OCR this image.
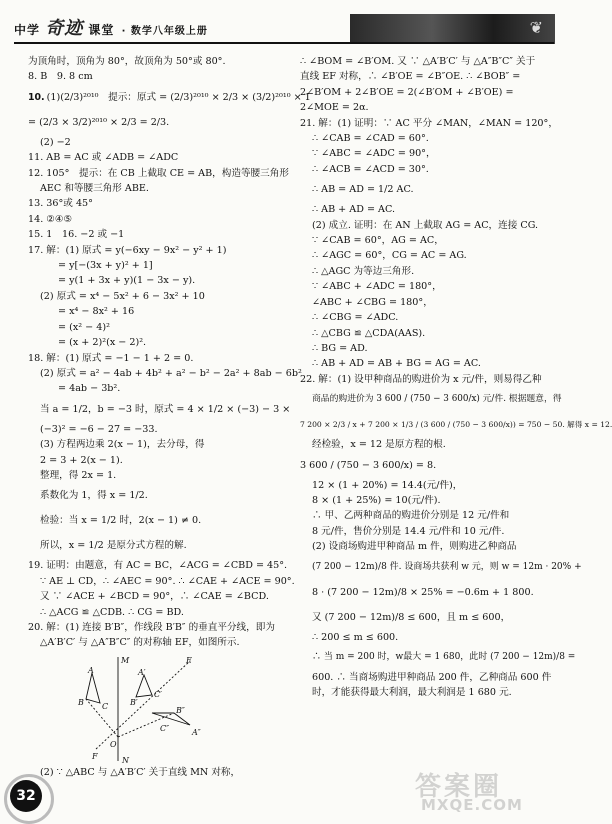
中学 奇迹 课堂 · 数学八年级上册	❦

为顶角时，顶角为 80°，故顶角为 50°或 80°.

8. B　9. 8 cm

10. (1)(2/3)²⁰¹⁰　提示：原式 = (2/3)²⁰¹⁰ × 2/3 × (3/2)²⁰¹⁰ × 1

= (2/3 × 3/2)²⁰¹⁰ × 2/3 = 2/3.

(2) −2

11. AB = AC 或 ∠ADB = ∠ADC

12. 105°　提示：在 CB 上截取 CE = AB，构造等腰三角形

AEC 和等腰三角形 ABE.

13. 36°或 45°

14. ②④⑤

15. 1　16. −2 或 −1

17. 解：(1) 原式 = y(−6xy − 9x² − y² + 1)

= y[−(3x + y)² + 1]

= y(1 + 3x + y)(1 − 3x − y).

(2) 原式 = x⁴ − 5x² + 6 − 3x² + 10

= x⁴ − 8x² + 16

= (x² − 4)²

= (x + 2)²(x − 2)².

18. 解：(1) 原式 = −1 − 1 + 2 = 0.

(2) 原式 = a² − 4ab + 4b² + a² − b² − 2a² + 8ab − 6b²

= 4ab − 3b².

当 a = 1/2，b = −3 时，原式 = 4 × 1/2 × (−3) − 3 ×

(−3)² = −6 − 27 = −33.

(3) 方程两边乘 2(x − 1)，去分母，得

2 = 3 + 2(x − 1).

整理，得 2x = 1.

系数化为 1，得 x = 1/2.

检验：当 x = 1/2 时，2(x − 1) ≠ 0.

所以，x = 1/2 是原分式方程的解.

19. 证明：由题意，有 AC = BC，∠ACG = ∠CBD = 45°.

∵ AE ⊥ CD，∴ ∠AEC = 90°. ∴ ∠CAE + ∠ACE = 90°.

又 ∵ ∠ACE + ∠BCD = 90°，∴ ∠CAE = ∠BCD.

∴ △ACG ≌ △CDB. ∴ CG = BD.

20. 解：(1) 连接 B′B″，作线段 B′B″ 的垂直平分线，即为

△A′B′C′ 与 △A″B″C″ 的对称轴 EF，如图所示.

M
A
B C
E
A′
B″
C″	A″
B′
C′
O
N
F

(2) ∵ △ABC 与 △A′B′C′ 关于直线 MN 对称，

∴ ∠BOM = ∠B′OM. 又 ∵ △A′B′C′ 与 △A″B″C″ 关于

直线 EF 对称，∴ ∠B′OE = ∠B″OE. ∴ ∠BOB″ =

2∠B′OM + 2∠B′OE = 2(∠B′OM + ∠B′OE) =

2∠MOE = 2α.

21. 解：(1) 证明：∵ AC 平分 ∠MAN，∠MAN = 120°，

∴ ∠CAB = ∠CAD = 60°.

∵ ∠ABC = ∠ADC = 90°，

∴ ∠ACB = ∠ACD = 30°.

∴ AB = AD = 1/2 AC.

∴ AB + AD = AC.

(2) 成立. 证明：在 AN 上截取 AG = AC，连接 CG.

∵ ∠CAB = 60°，AG = AC，

∴ ∠AGC = 60°，CG = AC = AG.

∴ △AGC 为等边三角形.

∵ ∠ABC + ∠ADC = 180°，

∠ABC + ∠CBG = 180°，

∴ ∠CBG = ∠ADC.

∴ △CBG ≌ △CDA(AAS).

∴ BG = AD.

∴ AB + AD = AB + BG = AG = AC.

22. 解：(1) 设甲种商品的购进价为 x 元/件，则易得乙种

商品的购进价为 3 600 / (750 − 3 600/x) 元/件. 根据题意，得

7 200 × 2/3 / x + 7 200 × 1/3 / (3 600 / (750 − 3 600/x)) = 750 − 50. 解得 x = 12.

经检验，x = 12 是原方程的根.

3 600 / (750 − 3 600/x) = 8.

12 × (1 + 20%) = 14.4(元/件)，

8 × (1 + 25%) = 10(元/件).

∴ 甲、乙两种商品的购进价分别是 12 元/件和

8 元/件，售价分别是 14.4 元/件和 10 元/件.

(2) 设商场购进甲种商品 m 件，则购进乙种商品

(7 200 − 12m)/8 件. 设商场共获利 w 元，则 w = 12m · 20% +

8 · (7 200 − 12m)/8 × 25% = −0.6m + 1 800.

又 (7 200 − 12m)/8 ≤ 600，且 m ≤ 600，

∴ 200 ≤ m ≤ 600.

∴ 当 m = 200 时，w最大 = 1 680，此时 (7 200 − 12m)/8 =

600. ∴ 当商场购进甲种商品 200 件，乙种商品 600 件

时，才能获得最大利润，最大利润是 1 680 元.

32	答案圈
MXQE.COM
